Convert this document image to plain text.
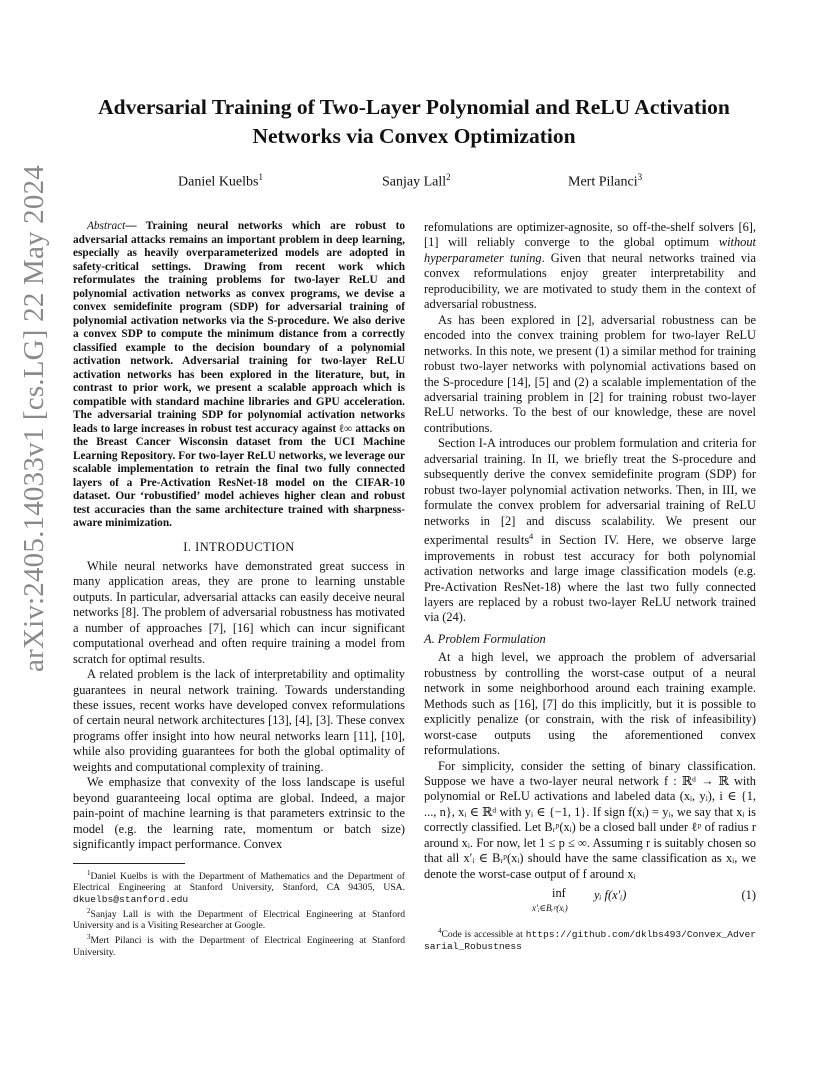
arXiv:2405.14033v1 [cs.LG] 22 May 2024
Adversarial Training of Two-Layer Polynomial and ReLU Activation Networks via Convex Optimization
Daniel Kuelbs$^1$	Sanjay Lall$^2$	Mert Pilanci$^3$

Abstract— Training neural networks which are robust to adversarial attacks remains an important problem in deep learning, especially as heavily overparameterized models are adopted in safety-critical settings. Drawing from recent work which reformulates the training problems for two-layer ReLU and polynomial activation networks as convex programs, we devise a convex semidefinite program (SDP) for adversarial training of polynomial activation networks via the S-procedure. We also derive a convex SDP to compute the minimum distance from a correctly classified example to the decision boundary of a polynomial activation network. Adversarial training for two-layer ReLU activation networks has been explored in the literature, but, in contrast to prior work, we present a scalable approach which is compatible with standard machine libraries and GPU acceleration. The adversarial training SDP for polynomial activation networks leads to large increases in robust test accuracy against ℓ∞ attacks on the Breast Cancer Wisconsin dataset from the UCI Machine Learning Repository. For two-layer ReLU networks, we leverage our scalable implementation to retrain the final two fully connected layers of a Pre-Activation ResNet-18 model on the CIFAR-10 dataset. Our ‘robustified’ model achieves higher clean and robust test accuracies than the same architecture trained with sharpness-aware minimization.

I. INTRODUCTION

While neural networks have demonstrated great success in many application areas, they are prone to learning unstable outputs. In particular, adversarial attacks can easily deceive neural networks [8]. The problem of adversarial robustness has motivated a number of approaches [7], [16] which can incur significant computational overhead and often require training a model from scratch for optimal results.

A related problem is the lack of interpretability and optimality guarantees in neural network training. Towards understanding these issues, recent works have developed convex reformulations of certain neural network architectures [13], [4], [3]. These convex programs offer insight into how neural networks learn [11], [10], while also providing guarantees for both the global optimality of weights and computational complexity of training.

We emphasize that convexity of the loss landscape is useful beyond guaranteeing local optima are global. Indeed, a major pain-point of machine learning is that parameters extrinsic to the model (e.g. the learning rate, momentum or batch size) significantly impact performance. Convex

$^1$Daniel Kuelbs is with the Department of Mathematics and the Department of Electrical Engineering at Stanford University, Stanford, CA 94305, USA. dkuelbs@stanford.edu

$^2$Sanjay Lall is with the Department of Electrical Engineering at Stanford University and is a Visiting Researcher at Google.

$^3$Mert Pilanci is with the Department of Electrical Engineering at Stanford University.

refomulations are optimizer-agnosite, so off-the-shelf solvers [6], [1] will reliably converge to the global optimum without hyperparameter tuning. Given that neural networks trained via convex reformulations enjoy greater interpretability and reproducibility, we are motivated to study them in the context of adversarial robustness.

As has been explored in [2], adversarial robustness can be encoded into the convex training problem for two-layer ReLU networks. In this note, we present (1) a similar method for training robust two-layer networks with polynomial activations based on the S-procedure [14], [5] and (2) a scalable implementation of the adversarial training problem in [2] for training robust two-layer ReLU networks. To the best of our knowledge, these are novel contributions.

Section I-A introduces our problem formulation and criteria for adversarial training. In II, we briefly treat the S-procedure and subsequently derive the convex semidefinite program (SDP) for robust two-layer polynomial activation networks. Then, in III, we formulate the convex problem for adversarial training of ReLU networks in [2] and discuss scalability. We present our experimental results$^4$ in Section IV. Here, we observe large improvements in robust test accuracy for both polynomial activation networks and large image classification models (e.g. Pre-Activation ResNet-18) where the last two fully connected layers are replaced by a robust two-layer ReLU network trained via (24).

A. Problem Formulation

At a high level, we approach the problem of adversarial robustness by controlling the worst-case output of a neural network in some neighborhood around each training example. Methods such as [16], [7] do this implicitly, but it is possible to explicitly penalize (or constrain, with the risk of infeasibility) worst-case outputs using the aforementioned convex reformulations.

For simplicity, consider the setting of binary classification. Suppose we have a two-layer neural network f : ℝᵈ → ℝ with polynomial or ReLU activations and labeled data (xᵢ, yᵢ), i ∈ {1, ..., n}, xᵢ ∈ ℝᵈ with yᵢ ∈ {−1, 1}. If sign f(xᵢ) = yᵢ, we say that xᵢ is correctly classified. Let Bᵣᵖ(xᵢ) be a closed ball under ℓᵖ of radius r around xᵢ. For now, let 1 ≤ p ≤ ∞. Assuming r is suitably chosen so that all x′ᵢ ∈ Bᵣᵖ(xᵢ) should have the same classification as xᵢ, we denote the worst-case output of f around xᵢ

inf
x′ᵢ∈Bᵣᵖ(xᵢ)
yᵢ f(x′ᵢ)	(1)

$^4$Code is accessible at https://github.com/dklbs493/Convex_Adversarial_Robustness
